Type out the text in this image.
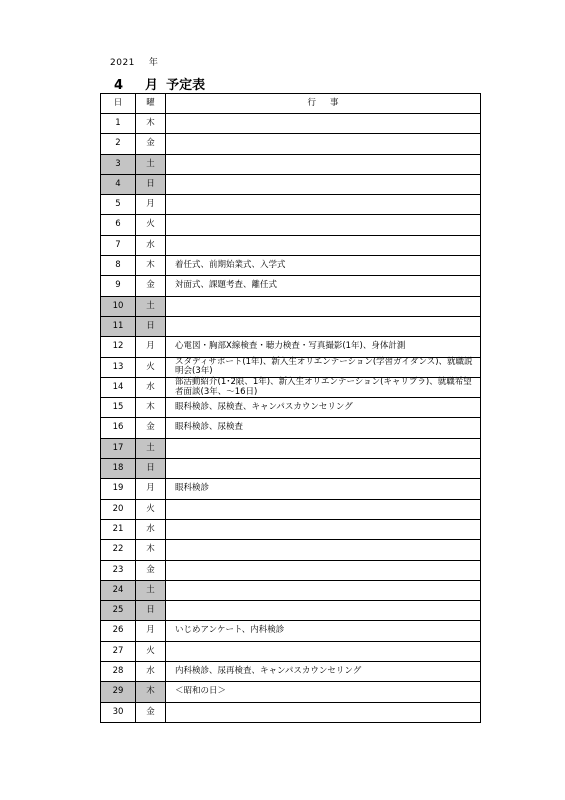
2021 年
4 月 予定表
日	曜	行事
1	木	
2	金	
3	土	
4	日	
5	月	
6	火	
7	水	
8	木	着任式、前期始業式、入学式
9	金	対面式、課題考査、離任式
10	土	
11	日	
12	月	心電図・胸部X線検査・聴力検査・写真撮影(1年)、身体計測
13	火	スタディサポート(1年)、新入生オリエンテーション(学習ガイダンス)、就職説明会(3年)
14	水	部活動紹介(1･2限、1年)、新入生オリエンテーション(キャリプラ)、就職希望者面談(3年、～16日)
15	木	眼科検診、尿検査、キャンパスカウンセリング
16	金	眼科検診、尿検査
17	土	
18	日	
19	月	眼科検診
20	火	
21	水	
22	木	
23	金	
24	土	
25	日	
26	月	いじめアンケート、内科検診
27	火	
28	水	内科検診、尿再検査、キャンパスカウンセリング
29	木	＜昭和の日＞
30	金	
